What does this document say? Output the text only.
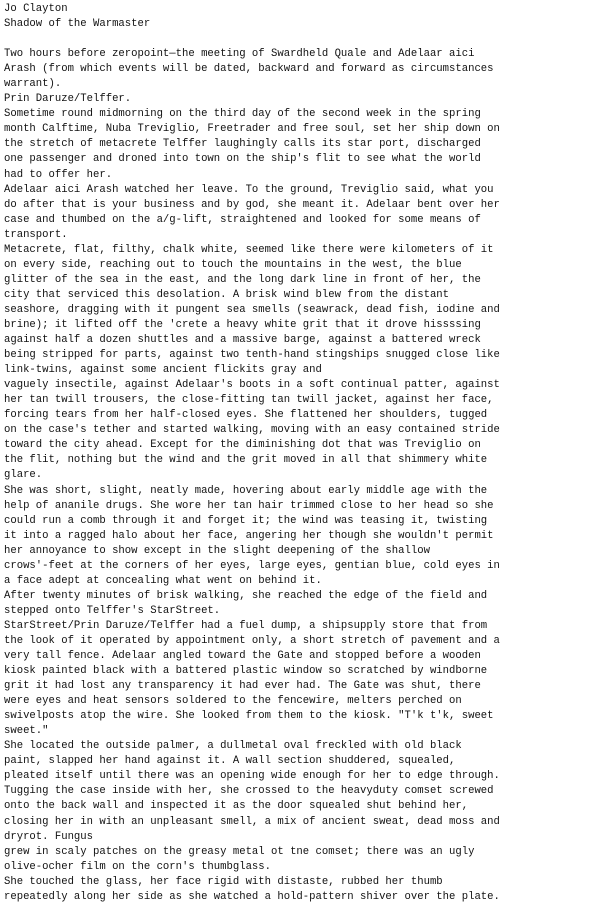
Jo Clayton
Shadow of the Warmaster
Two hours before zeropoint—the meeting of Swardheld Quale and Adelaar aici
Arash (from which events will be dated, backward and forward as circumstances
warrant).
Prin Daruze/Telffer.
Sometime round midmorning on the third day of the second week in the spring
month Calftime, Nuba Treviglio, Freetrader and free soul, set her ship down on
the stretch of metacrete Telffer laughingly calls its star port, discharged
one passenger and droned into town on the ship's flit to see what the world
had to offer her.
Adelaar aici Arash watched her leave. To the ground, Treviglio said, what you
do after that is your business and by god, she meant it. Adelaar bent over her
case and thumbed on the a/g-lift, straightened and looked for some means of
transport.
Metacrete, flat, filthy, chalk white, seemed like there were kilometers of it
on every side, reaching out to touch the mountains in the west, the blue
glitter of the sea in the east, and the long dark line in front of her, the
city that serviced this desolation. A brisk wind blew from the distant
seashore, dragging with it pungent sea smells (seawrack, dead fish, iodine and
brine); it lifted off the 'crete a heavy white grit that it drove hissssing
against half a dozen shuttles and a massive barge, against a battered wreck
being stripped for parts, against two tenth-hand stingships snugged close like
link-twins, against some ancient flickits gray and
vaguely insectile, against Adelaar's boots in a soft continual patter, against
her tan twill trousers, the close-fitting tan twill jacket, against her face,
forcing tears from her half-closed eyes. She flattened her shoulders, tugged
on the case's tether and started walking, moving with an easy contained stride
toward the city ahead. Except for the diminishing dot that was Treviglio on
the flit, nothing but the wind and the grit moved in all that shimmery white
glare.
She was short, slight, neatly made, hovering about early middle age with the
help of ananile drugs. She wore her tan hair trimmed close to her head so she
could run a comb through it and forget it; the wind was teasing it, twisting
it into a ragged halo about her face, angering her though she wouldn't permit
her annoyance to show except in the slight deepening of the shallow
crows'-feet at the corners of her eyes, large eyes, gentian blue, cold eyes in
a face adept at concealing what went on behind it.
After twenty minutes of brisk walking, she reached the edge of the field and
stepped onto Telffer's StarStreet.
StarStreet/Prin Daruze/Telffer had a fuel dump, a shipsupply store that from
the look of it operated by appointment only, a short stretch of pavement and a
very tall fence. Adelaar angled toward the Gate and stopped before a wooden
kiosk painted black with a battered plastic window so scratched by windborne
grit it had lost any transparency it had ever had. The Gate was shut, there
were eyes and heat sensors soldered to the fencewire, melters perched on
swivelposts atop the wire. She looked from them to the kiosk. "T'k t'k, sweet
sweet."
She located the outside palmer, a dullmetal oval freckled with old black
paint, slapped her hand against it. A wall section shuddered, squealed,
pleated itself until there was an opening wide enough for her to edge through.
Tugging the case inside with her, she crossed to the heavyduty comset screwed
onto the back wall and inspected it as the door squealed shut behind her,
closing her in with an unpleasant smell, a mix of ancient sweat, dead moss and
dryrot. Fungus
grew in scaly patches on the greasy metal ot tne comset; there was an ugly
olive-ocher film on the corn's thumbglass.
She touched the glass, her face rigid with distaste, rubbed her thumb
repeatedly along her side as she watched a hold-pattern shiver over the plate.
